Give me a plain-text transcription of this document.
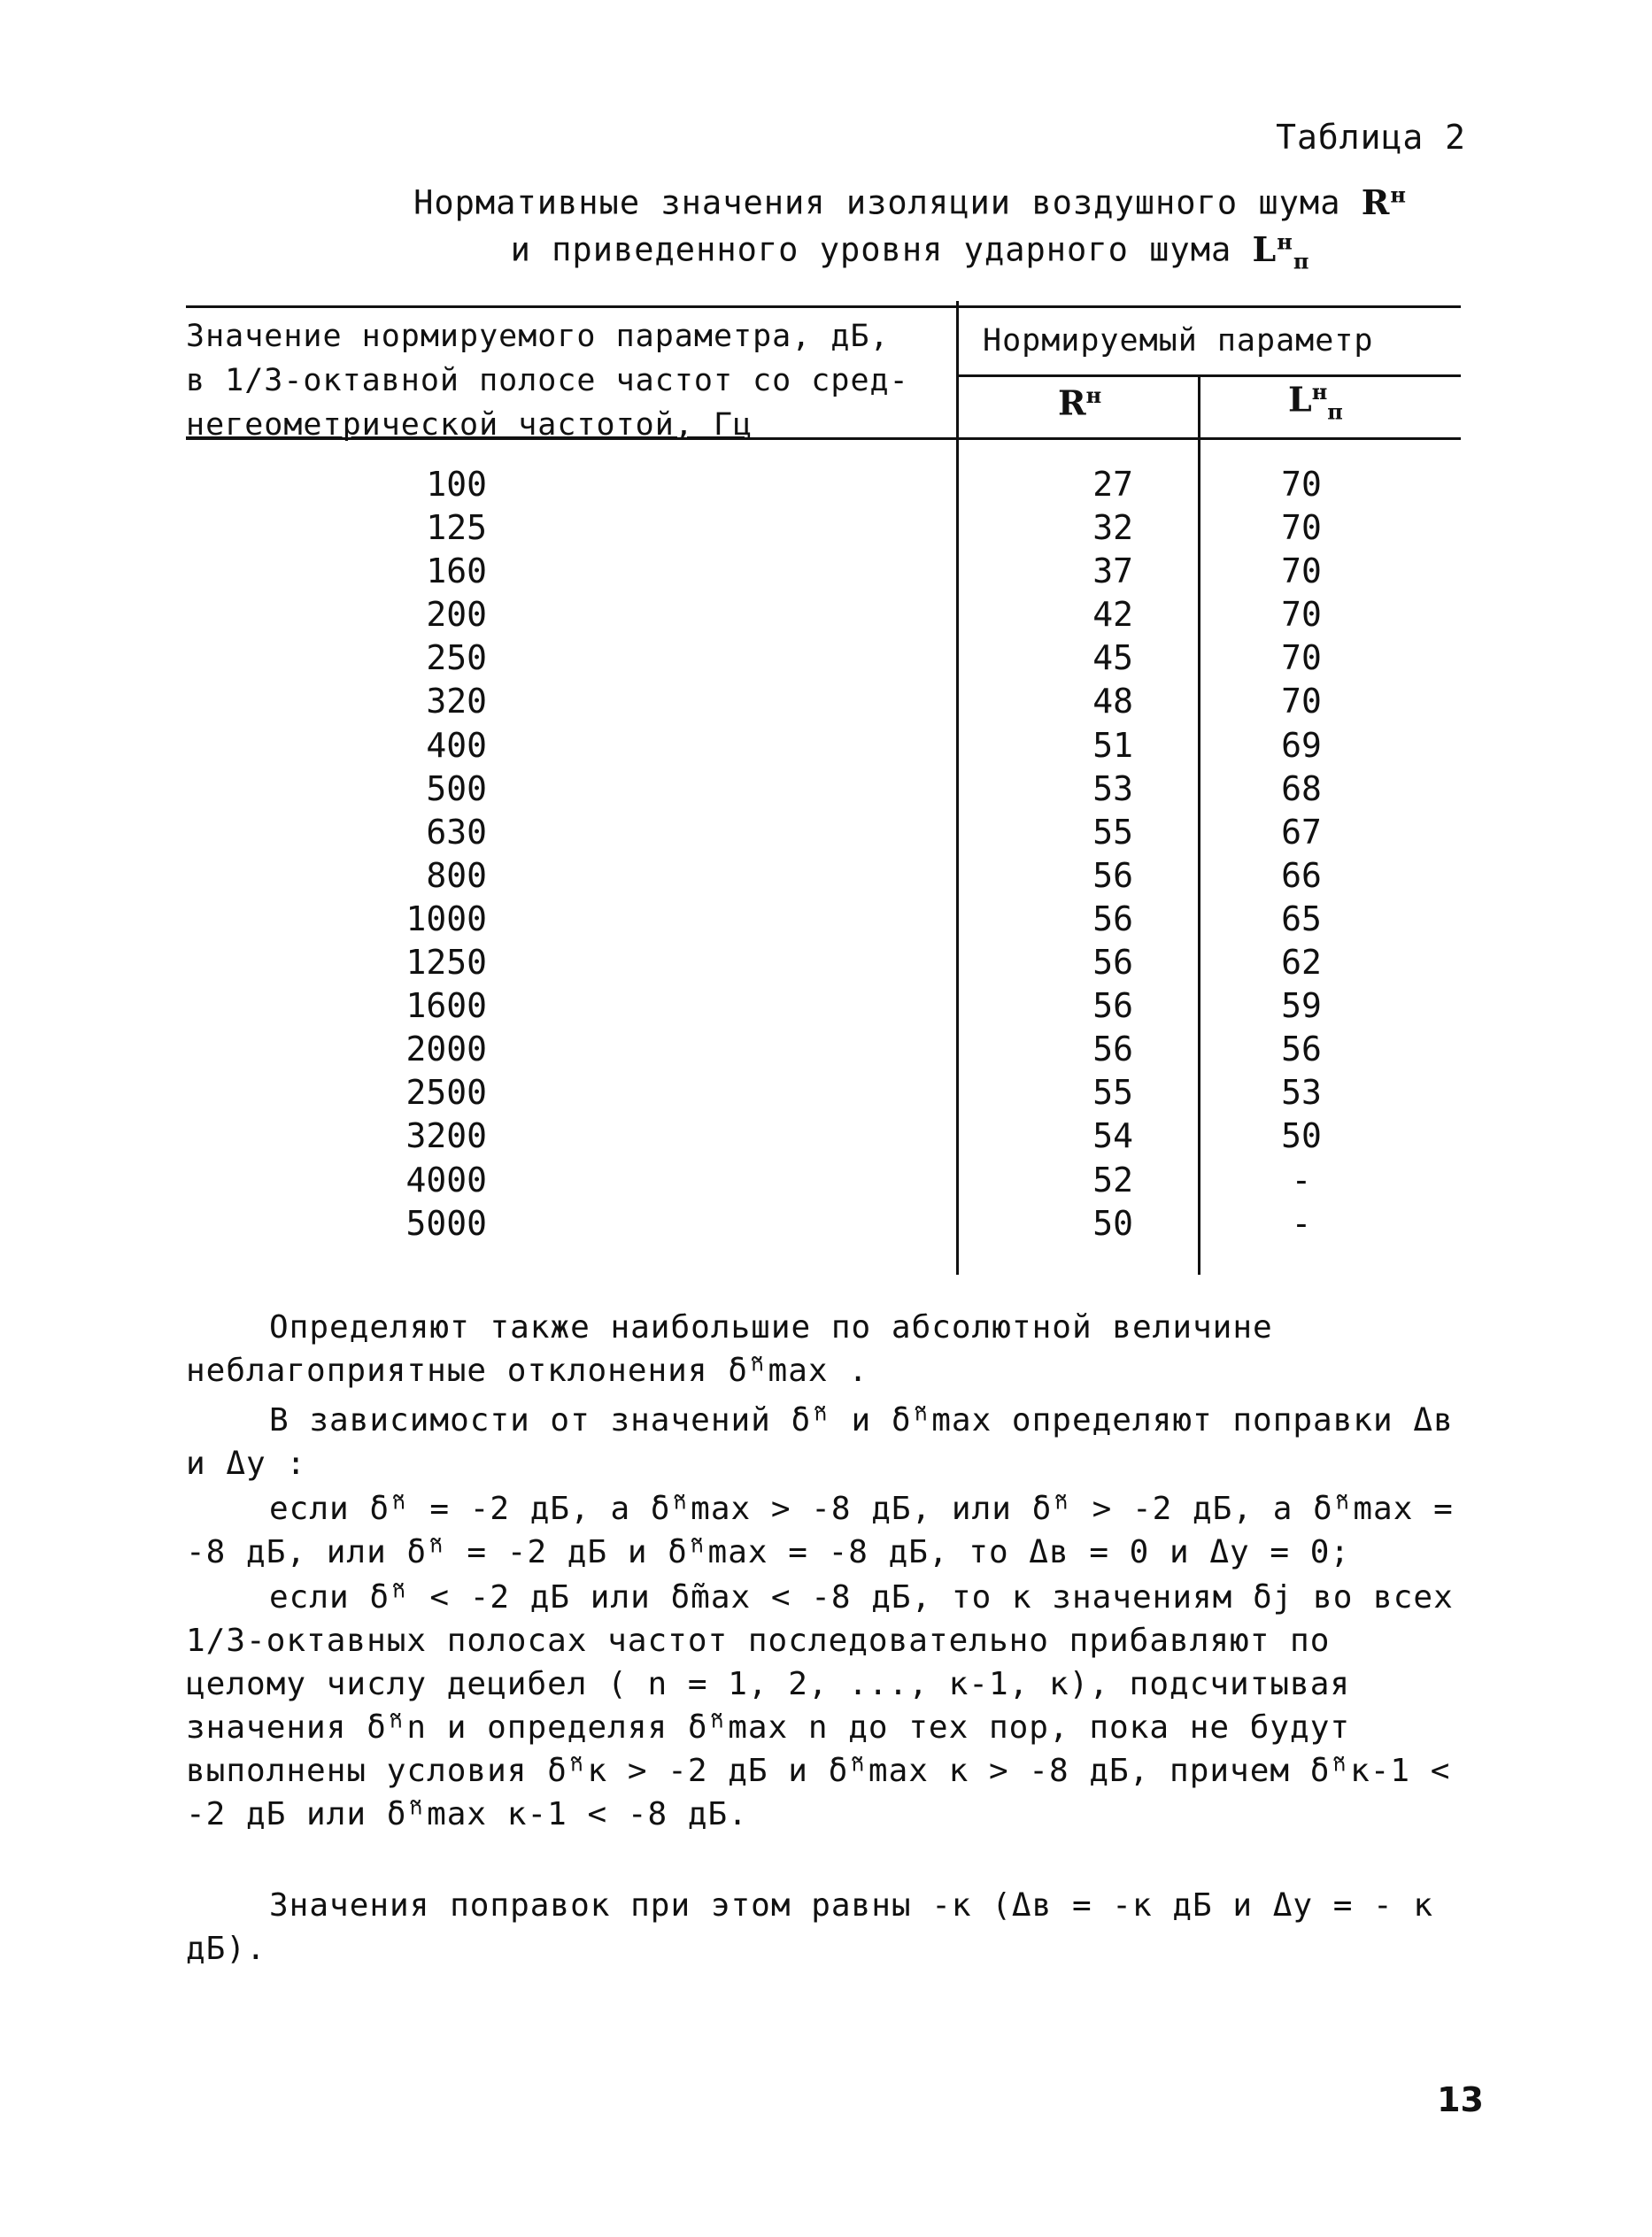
Таблица 2
Нормативные значения изоляции воздушного шума $R^н$
и приведенного уровня ударного шума $L^н_п$
Значение нормируемого параметра, дБ,
в 1/3-октавной полосе частот со сред-
негеометрической частотой, Гц
Нормируемый параметр
$R^н$	$L^н_п$
100	27	70
125	32	70
160	37	70
200	42	70
250	45	70
320	48	70
400	51	69
500	53	68
630	55	67
800	56	66
1000	56	65
1250	56	62
1600	56	59
2000	56	56
2500	55	53
3200	54	50
4000	52	-
5000	50	-
Определяют также наибольшие по абсолютной величине неблагоприятные отклонения δ̃ⁿmax .
В зависимости от значений δ̃ⁿ и δ̃ⁿmax определяют поправки Δв и Δу :
если δ̃ⁿ = -2 дБ, а δ̃ⁿmax > -8 дБ, или δ̃ⁿ > -2 дБ, а δ̃ⁿmax = -8 дБ, или δ̃ⁿ = -2 дБ и δ̃ⁿmax = -8 дБ, то Δв = 0 и Δу = 0;
если δ̃ⁿ < -2 дБ или δ̃max < -8 дБ, то к значениям δj во всех 1/3-октавных полосах частот последовательно прибавляют по целому числу децибел ( n = 1, 2, ..., к-1, к), подсчитывая значения δ̃ⁿn и определяя δ̃ⁿmax n до тех пор, пока не будут выполнены условия δ̃ⁿк > -2 дБ и δ̃ⁿmax к > -8 дБ, причем δ̃ⁿк-1 < -2 дБ или δ̃ⁿmax к-1 < -8 дБ.
Значения поправок при этом равны -к (Δв = -к дБ и Δу = - к дБ).
13
